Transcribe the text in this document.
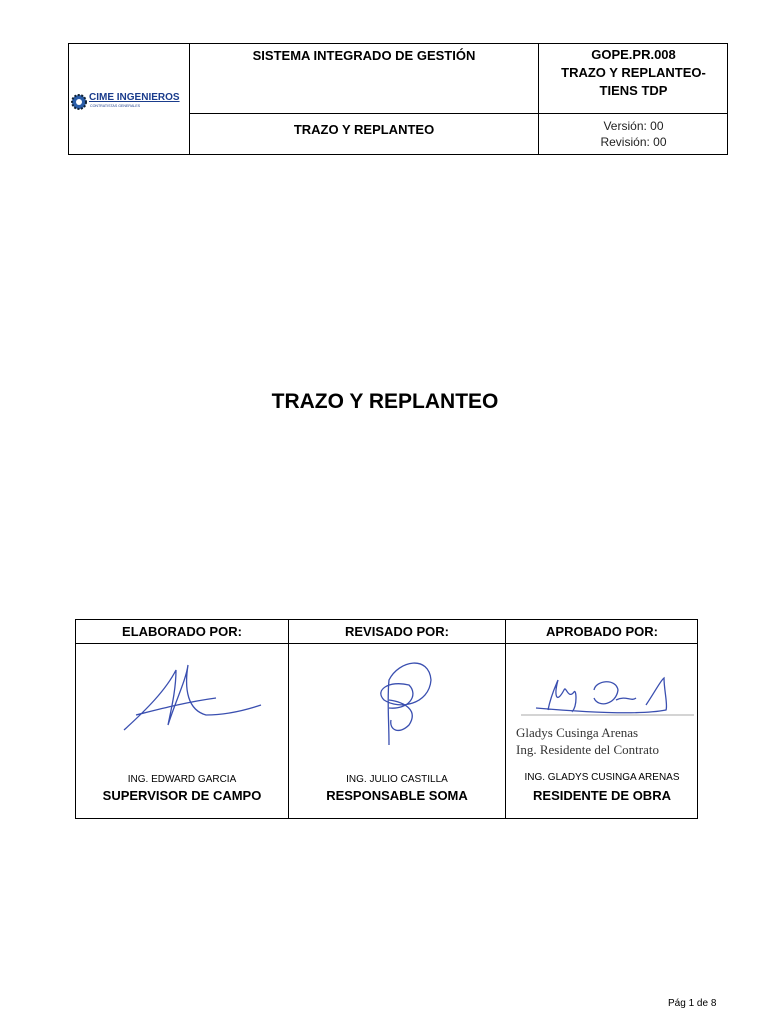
CIME INGENIEROS
CONTRATISTAS GENERALES
SISTEMA INTEGRADO DE GESTIÓN	GOPE.PR.008
TRAZO Y REPLANTEO-
TIENS TDP
TRAZO Y REPLANTEO	Versión: 00
Revisión: 00
TRAZO Y REPLANTEO
ELABORADO POR:
ING. EDWARD GARCIA
SUPERVISOR DE CAMPO
REVISADO POR:
ING. JULIO CASTILLA
RESPONSABLE SOMA
APROBADO POR:
Gladys Cusinga Arenas
Ing. Residente del Contrato
ING. GLADYS CUSINGA ARENAS
RESIDENTE DE OBRA
Pág 1 de 8
